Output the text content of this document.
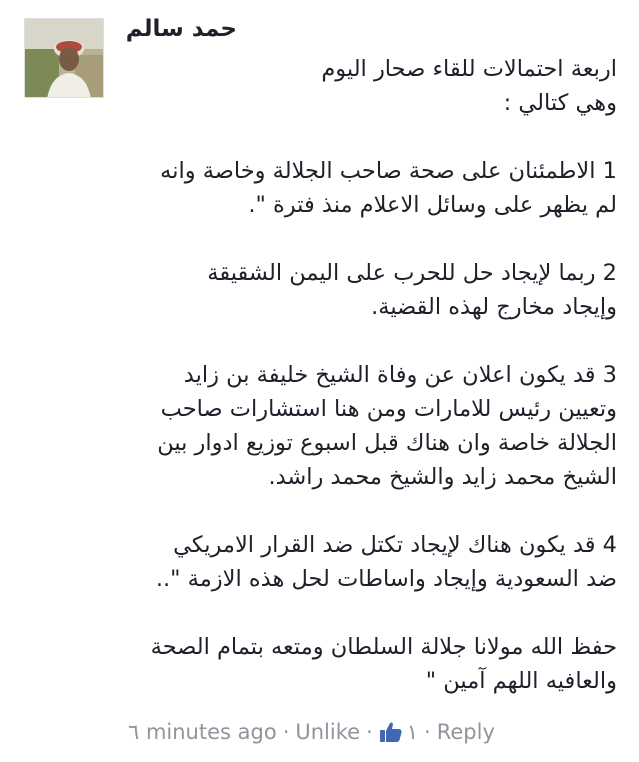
حمد سالم

اربعة احتمالات للقاء صحار اليوم
وهي كتالي :

1 الاطمئنان على صحة صاحب الجلالة وخاصة وانه
لم يظهر على وسائل الاعلام منذ فترة ".

2 ربما لإيجاد حل للحرب على اليمن الشقيقة
وإيجاد مخارج لهذه القضية.

3 قد يكون اعلان عن وفاة الشيخ خليفة بن زايد
وتعيين رئيس للامارات ومن هنا استشارات صاحب
الجلالة خاصة وان هناك قبل اسبوع توزيع ادوار بين
الشيخ محمد زايد والشيخ محمد راشد.

4 قد يكون هناك لإيجاد تكتل ضد القرار الامريكي
ضد السعودية وإيجاد واساطات لحل هذه الازمة "..

حفظ الله مولانا جلالة السلطان ومتعه بتمام الصحة
والعافيه اللهم آمين "

٦ minutes ago · Unlike · ١ · Reply
